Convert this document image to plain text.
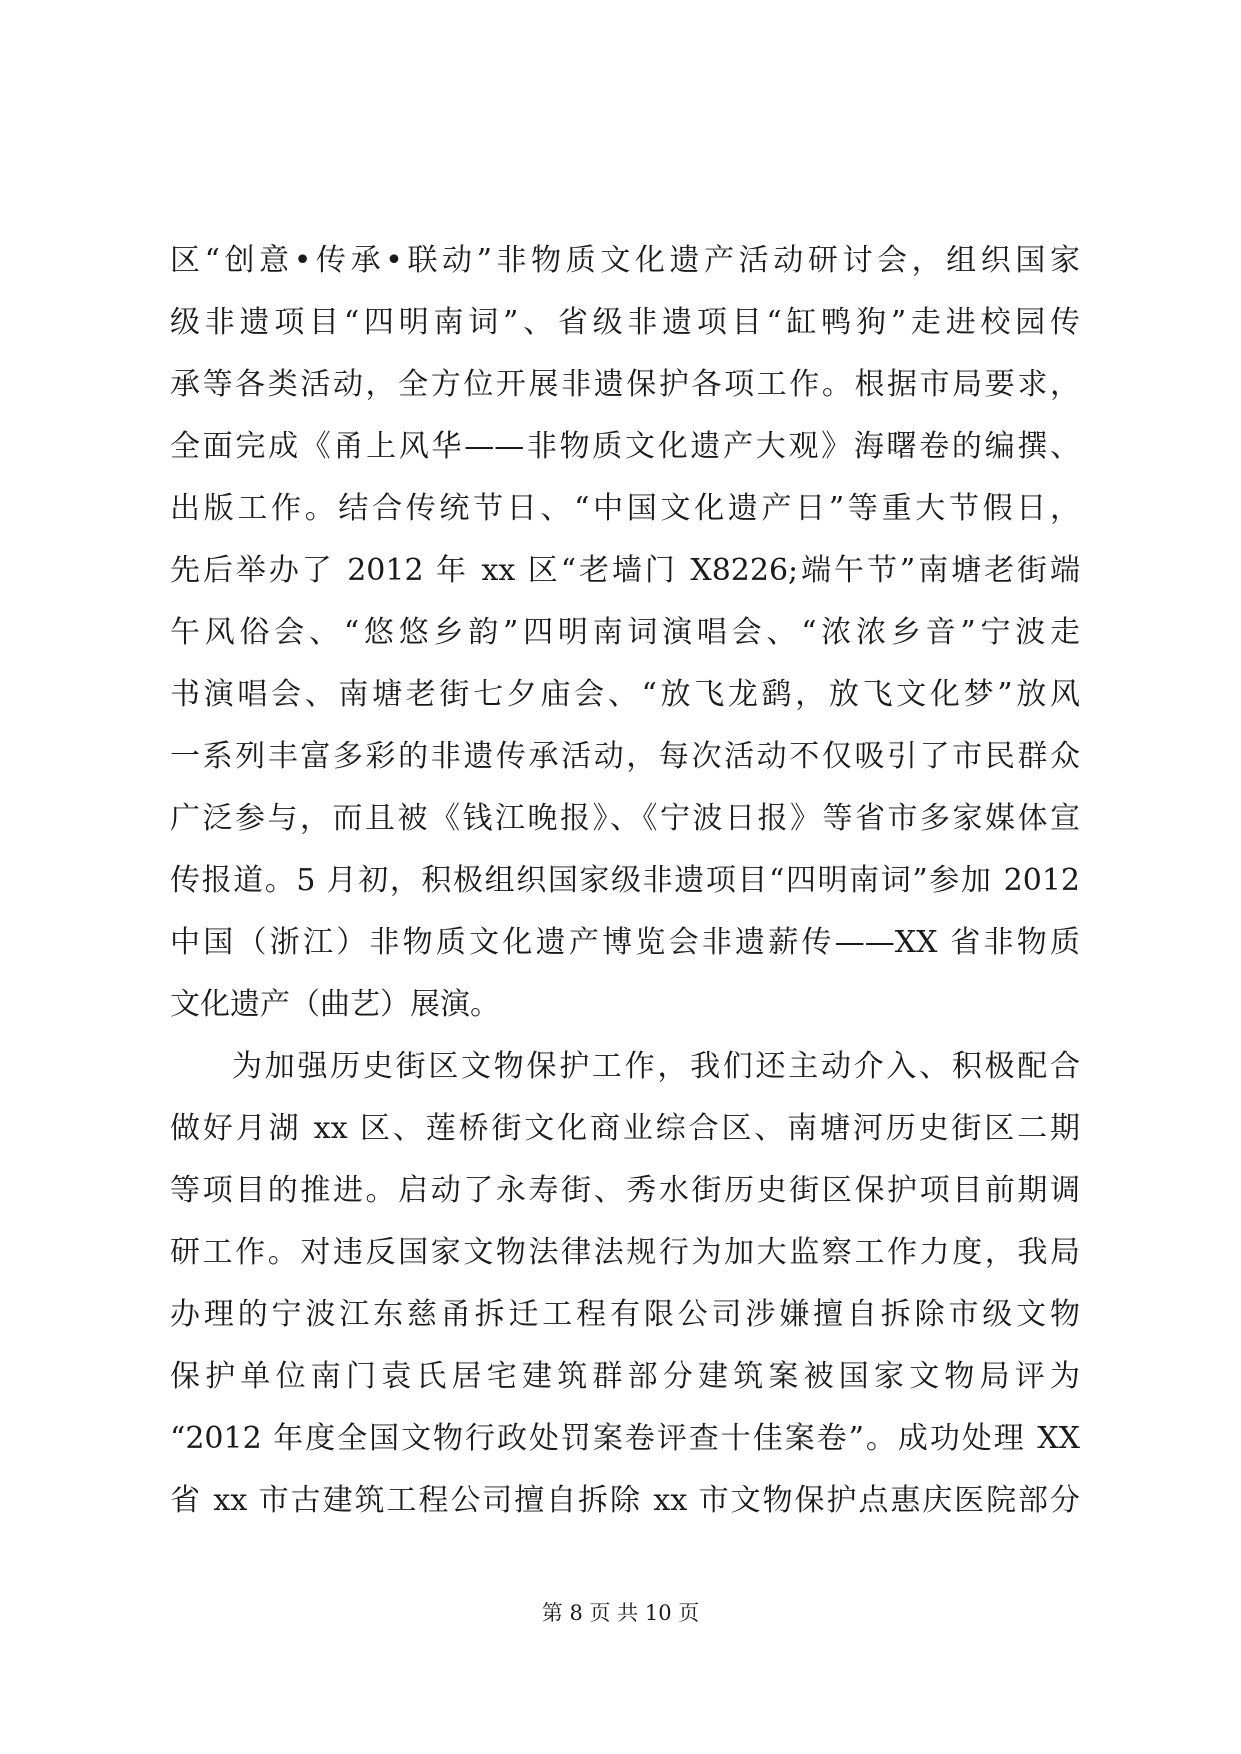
区“创意•传承•联动”非物质文化遗产活动研讨会，组织国家
级非遗项目“四明南词”、省级非遗项目“缸鸭狗”走进校园传
承等各类活动，全方位开展非遗保护各项工作。根据市局要求，
全面完成《甬上风华——非物质文化遗产大观》海曙卷的编撰、
出版工作。结合传统节日、“中国文化遗产日”等重大节假日，
先后举办了 2012 年 xx 区“老墙门 X8226;端午节”南塘老街端
午风俗会、“悠悠乡韵”四明南词演唱会、“浓浓乡音”宁波走
书演唱会、南塘老街七夕庙会、“放飞龙鹞，放飞文化梦”放风
一系列丰富多彩的非遗传承活动，每次活动不仅吸引了市民群众
广泛参与，而且被《钱江晚报》、《宁波日报》等省市多家媒体宣
传报道。5 月初，积极组织国家级非遗项目“四明南词”参加 2012
中国（浙江）非物质文化遗产博览会非遗薪传——XX 省非物质
文化遗产（曲艺）展演。
为加强历史街区文物保护工作，我们还主动介入、积极配合
做好月湖 xx 区、莲桥街文化商业综合区、南塘河历史街区二期
等项目的推进。启动了永寿街、秀水街历史街区保护项目前期调
研工作。对违反国家文物法律法规行为加大监察工作力度，我局
办理的宁波江东慈甬拆迁工程有限公司涉嫌擅自拆除市级文物
保护单位南门袁氏居宅建筑群部分建筑案被国家文物局评为
“2012 年度全国文物行政处罚案卷评查十佳案卷”。成功处理 XX
省 xx 市古建筑工程公司擅自拆除 xx 市文物保护点惠庆医院部分
第 8 页 共 10 页
